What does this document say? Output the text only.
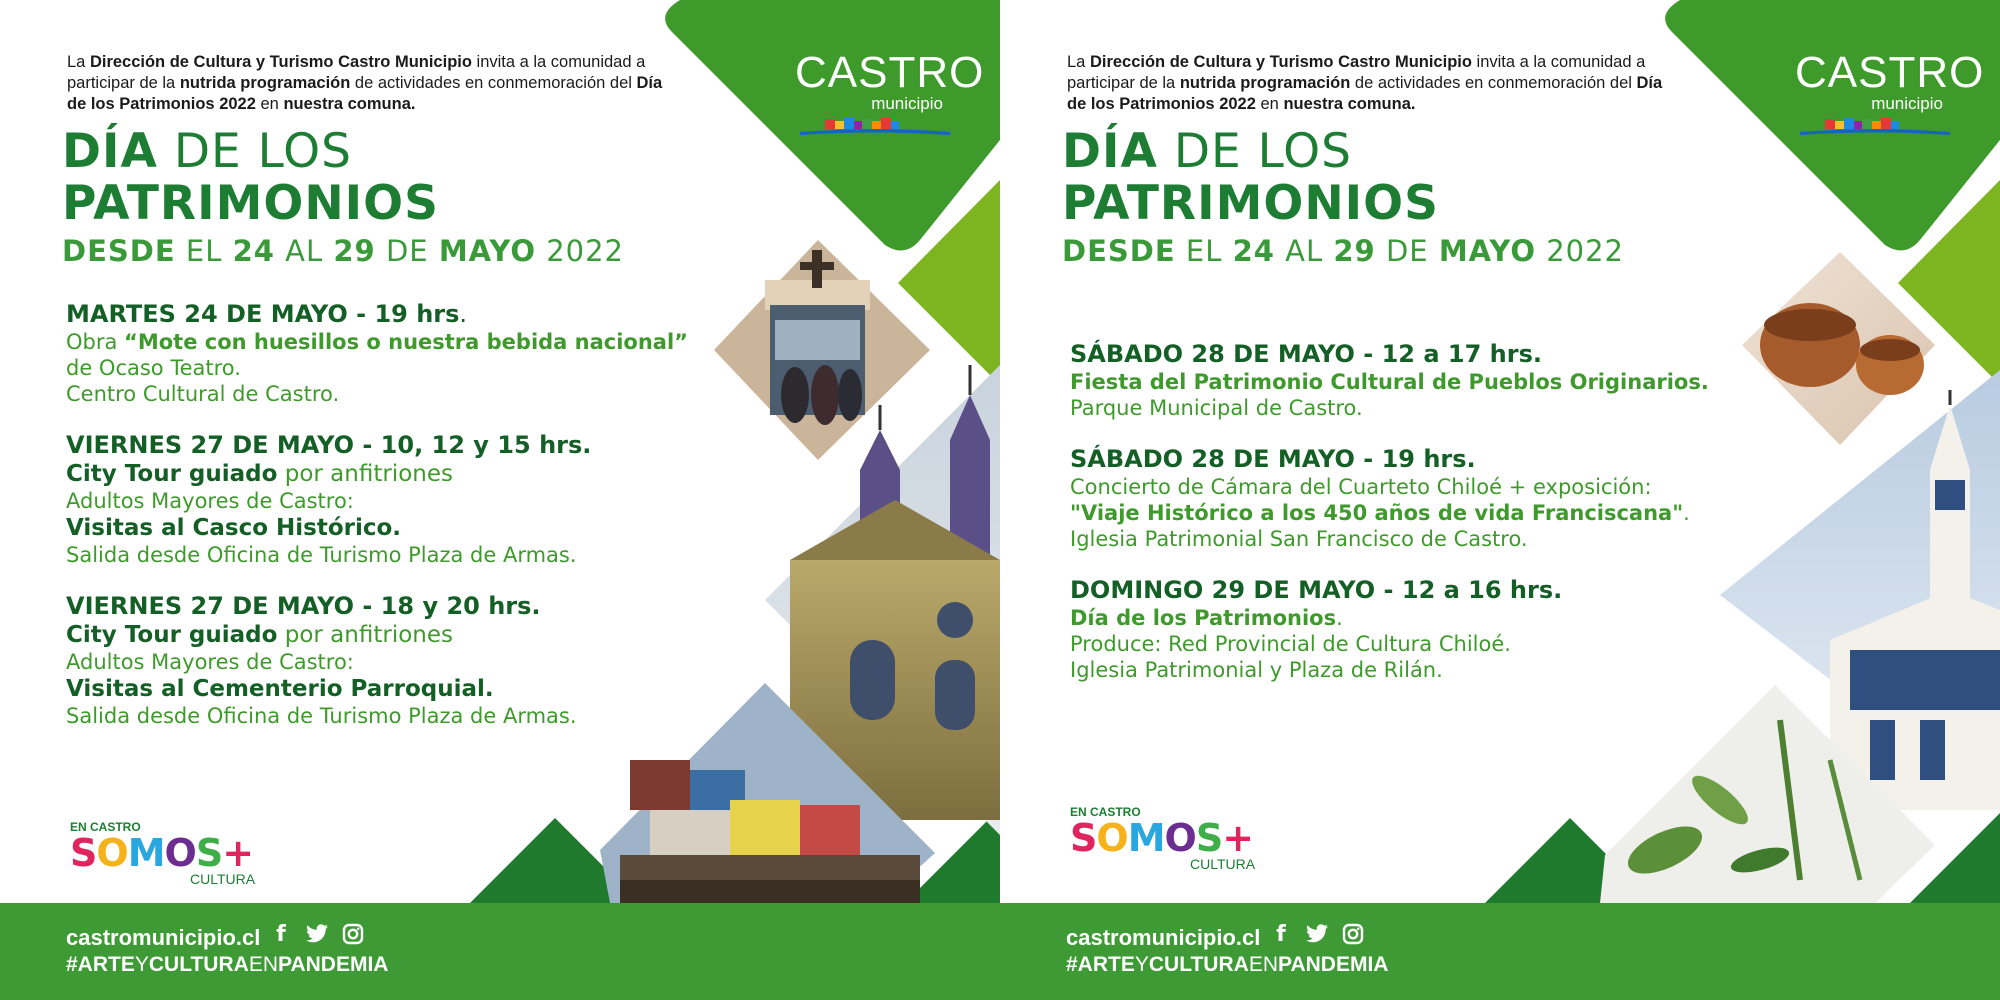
La Dirección de Cultura y Turismo Castro Municipio invita a la comunidad a participar de la nutrida programación de actividades en conmemoración del Día de los Patrimonios 2022 en nuestra comuna.
DÍA DE LOS
PATRIMONIOS
DESDE EL 24 AL 29 DE MAYO 2022
MARTES 24 DE MAYO - 19 hrs.
Obra “Mote con huesillos o nuestra bebida nacional”
de Ocaso Teatro.
Centro Cultural de Castro.
VIERNES 27 DE MAYO - 10, 12 y 15 hrs.
City Tour guiado por anfitriones
Adultos Mayores de Castro:
Visitas al Casco Histórico.
Salida desde Oficina de Turismo Plaza de Armas.
VIERNES 27 DE MAYO - 18 y 20 hrs.
City Tour guiado por anfitriones
Adultos Mayores de Castro:
Visitas al Cementerio Parroquial.
Salida desde Oficina de Turismo Plaza de Armas.
CASTRO
municipio
EN CASTRO
SOMOS+
CULTURA
castromunicipio.cl f
#ARTEYCULTURAENPANDEMIA
La Dirección de Cultura y Turismo Castro Municipio invita a la comunidad a participar de la nutrida programación de actividades en conmemoración del Día de los Patrimonios 2022 en nuestra comuna.
DÍA DE LOS
PATRIMONIOS
DESDE EL 24 AL 29 DE MAYO 2022
SÁBADO 28 DE MAYO - 12 a 17 hrs.
Fiesta del Patrimonio Cultural de Pueblos Originarios.
Parque Municipal de Castro.
SÁBADO 28 DE MAYO - 19 hrs.
Concierto de Cámara del Cuarteto Chiloé + exposición:
"Viaje Histórico a los 450 años de vida Franciscana".
Iglesia Patrimonial San Francisco de Castro.
DOMINGO 29 DE MAYO - 12 a 16 hrs.
Día de los Patrimonios.
Produce: Red Provincial de Cultura Chiloé.
Iglesia Patrimonial y Plaza de Rilán.
CASTRO
municipio
EN CASTRO
SOMOS+
CULTURA
castromunicipio.cl f
#ARTEYCULTURAENPANDEMIA
